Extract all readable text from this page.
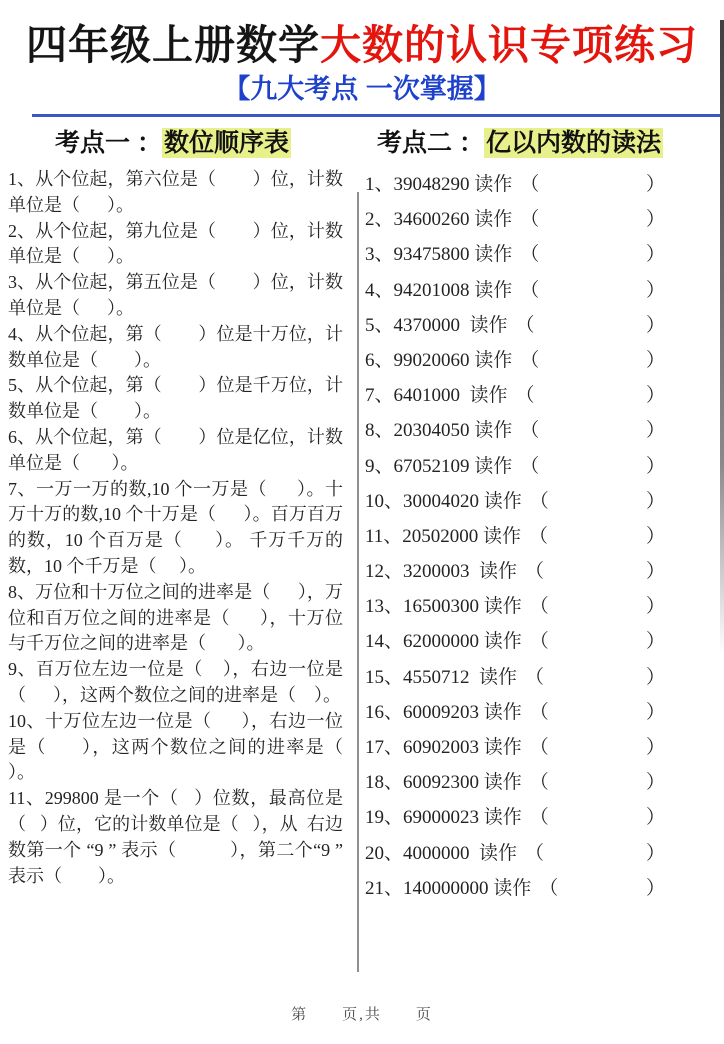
四年级上册数学大数的认识专项练习
【九大考点 一次掌握】
考点一 ：数位顺序表	考点二 ：亿以内数的读法

1、从个位起，第六位是（        ）位，计数单位是（      ）。

2、从个位起，第九位是（        ）位，计数单位是（      ）。

3、从个位起，第五位是（        ）位，计数单位是（      ）。

4、从个位起，第（        ）位是十万位，计数单位是（        ）。

5、从个位起，第（        ）位是千万位，计数单位是（        ）。

6、从个位起，第（        ）位是亿位，计数单位是（       ）。

7、一万一万的数,10 个一万是（      ）。十万十万的数,10 个十万是（      ）。百万百万的数，10 个百万是（      ）。 千万千万的数，10 个千万是（     ）。

8、万位和十万位之间的进率是（      ），万位和百万位之间的进率是（      ），十万位与千万位之间的进率是（       ）。

9、百万位左边一位是（    ），右边一位是（      ），这两个数位之间的进率是（    ）。

10、十万位左边一位是（      ），右边一位是（      ），这两个数位之间的进率是（   ）。

11、299800 是一个（   ）位数，最高位是（   ）位，它的计数单位是（   ），从  右边数第一个 “9 ” 表示（           ），第二个“9 ” 表示（        ）。

1、39048290 读作 （	）
2、34600260 读作 （	）
3、93475800 读作 （	）
4、94201008 读作 （	）
5、4370000  读作 （	）
6、99020060 读作 （	）
7、6401000  读作 （	）
8、20304050 读作 （	）
9、67052109 读作 （	）
10、30004020 读作 （	）
11、20502000 读作 （	）
12、3200003  读作 （	）
13、16500300 读作 （	）
14、62000000 读作 （	）
15、4550712  读作 （	）
16、60009203 读作 （	）
17、60902003 读作 （	）
18、60092300 读作 （	）
19、69000023 读作 （	）
20、4000000  读作 （	）
21、140000000 读作 （	）
第　　页,共　　页
